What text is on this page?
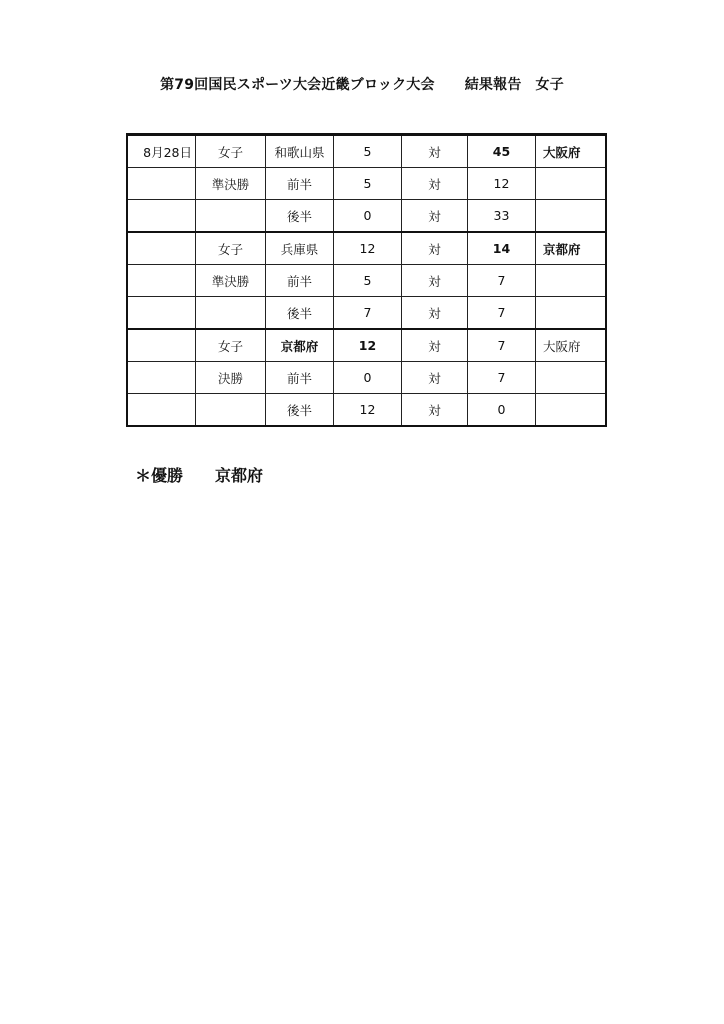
第79回国民スポーツ大会近畿ブロック大会 結果報告 女子
8月28日	女子	和歌山県	5	対	45	大阪府
	準決勝	前半	5	対	12	
		後半	0	対	33	
	女子	兵庫県	12	対	14	京都府
	準決勝	前半	5	対	7	
		後半	7	対	7	
	女子	京都府	12	対	7	大阪府
	決勝	前半	0	対	7	
		後半	12	対	0	
＊優勝 京都府
